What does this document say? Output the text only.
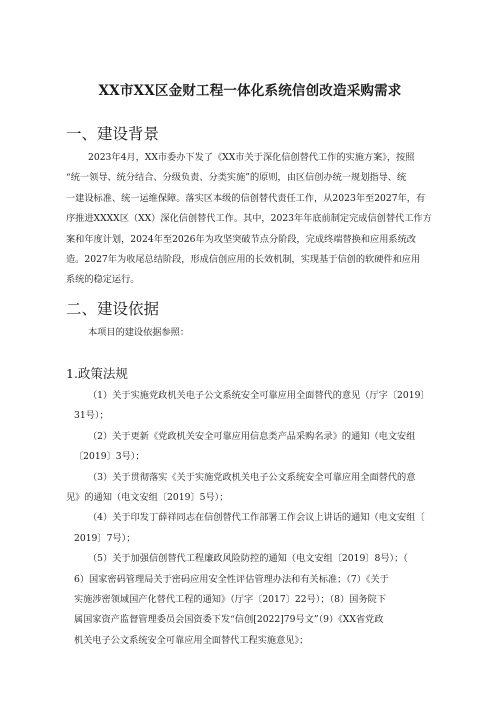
XX市XX区金财工程一体化系统信创改造采购需求
一、建设背景
2023年4月，XX市委办下发了《XX市关于深化信创替代工作的实施方案》，按照
“统一领导、统分结合、分级负责、分类实施”的原则，由区信创办统一规划指导、统
一建设标准、统一运维保障。落实区本级的信创替代责任工作，从2023年至2027年，有
序推进XXXX区（XX）深化信创替代工作。其中，2023年年底前制定完成信创替代工作方
案和年度计划，2024年至2026年为攻坚突破节点分阶段，完成终端替换和应用系统改
造。2027年为收尾总结阶段，形成信创应用的长效机制，实现基于信创的软硬件和应用
系统的稳定运行。
二、建设依据
本项目的建设依据参照：
1.政策法规
（1）关于实施党政机关电子公文系统安全可靠应用全面替代的意见（厅字〔2019〕
31号）；
（2）关于更新《党政机关安全可靠应用信息类产品采购名录》的通知（电文安组
〔2019〕3号）；
（3）关于贯彻落实《关于实施党政机关电子公文系统安全可靠应用全面替代的意
见》的通知（电文安组〔2019〕5号）；
（4）关于印发丁薛祥同志在信创替代工作部署工作会议上讲话的通知（电文安组〔
2019〕7号）；
（5）关于加强信创替代工程廉政风险防控的通知（电文安组〔2019〕8号）；（
6）国家密码管理局关于密码应用安全性评估管理办法和有关标准；（7）《关于
实施涉密领域国产化替代工程的通知》（厅字〔2017〕22号）；（8）国务院下
属国家资产监督管理委员会国资委下发“信创[2022]79号文”（9）《XX省党政
机关电子公文系统安全可靠应用全面替代工程实施意见》；
